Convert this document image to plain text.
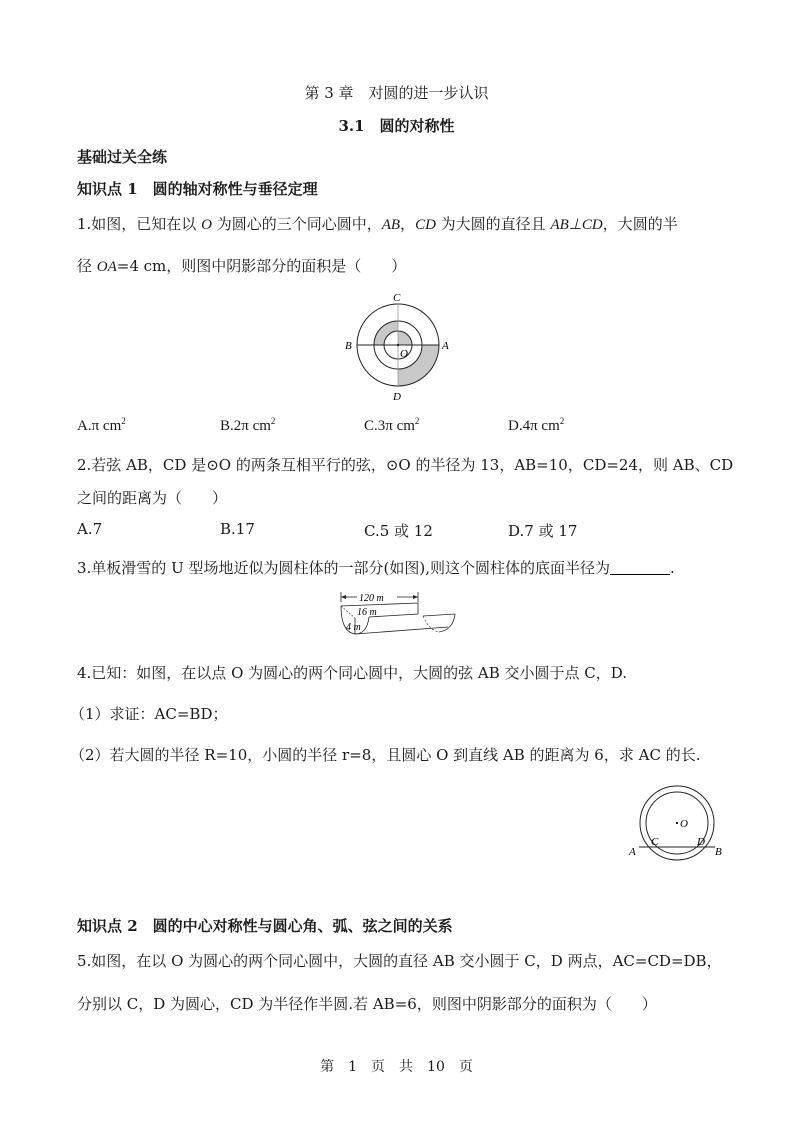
第 3 章　对圆的进一步认识
3.1　圆的对称性
基础过关全练
知识点 1　圆的轴对称性与垂径定理
1.如图，已知在以 O 为圆心的三个同心圆中，AB，CD 为大圆的直径且 AB⊥CD，大圆的半
径 OA=4 cm，则图中阴影部分的面积是（　　）
C
B	A
O
D
A.π $cm^2$	B.2π $cm^2$	C.3π $cm^2$	D.4π $cm^2$
2.若弦 AB，CD 是⊙O 的两条互相平行的弦，⊙O 的半径为 13，AB=10，CD=24，则 AB、CD
之间的距离为（　　）
A.7	B.17	C.5 或 12	D.7 或 17
3.单板滑雪的 U 型场地近似为圆柱体的一部分(如图),则这个圆柱体的底面半径为	.
120 m
16 m
4 m
4.已知：如图，在以点 O 为圆心的两个同心圆中，大圆的弦 AB 交小圆于点 C，D.
（1）求证：AC=BD；
（2）若大圆的半径 R=10，小圆的半径 r=8，且圆心 O 到直线 AB 的距离为 6，求 AC 的长.
O
A
C	D
B
知识点 2　圆的中心对称性与圆心角、弧、弦之间的关系
5.如图，在以 O 为圆心的两个同心圆中，大圆的直径 AB 交小圆于 C，D 两点，AC=CD=DB，
分别以 C，D 为圆心，CD 为半径作半圆.若 AB=6，则图中阴影部分的面积为（　　）
第　1　页　共　10　页
